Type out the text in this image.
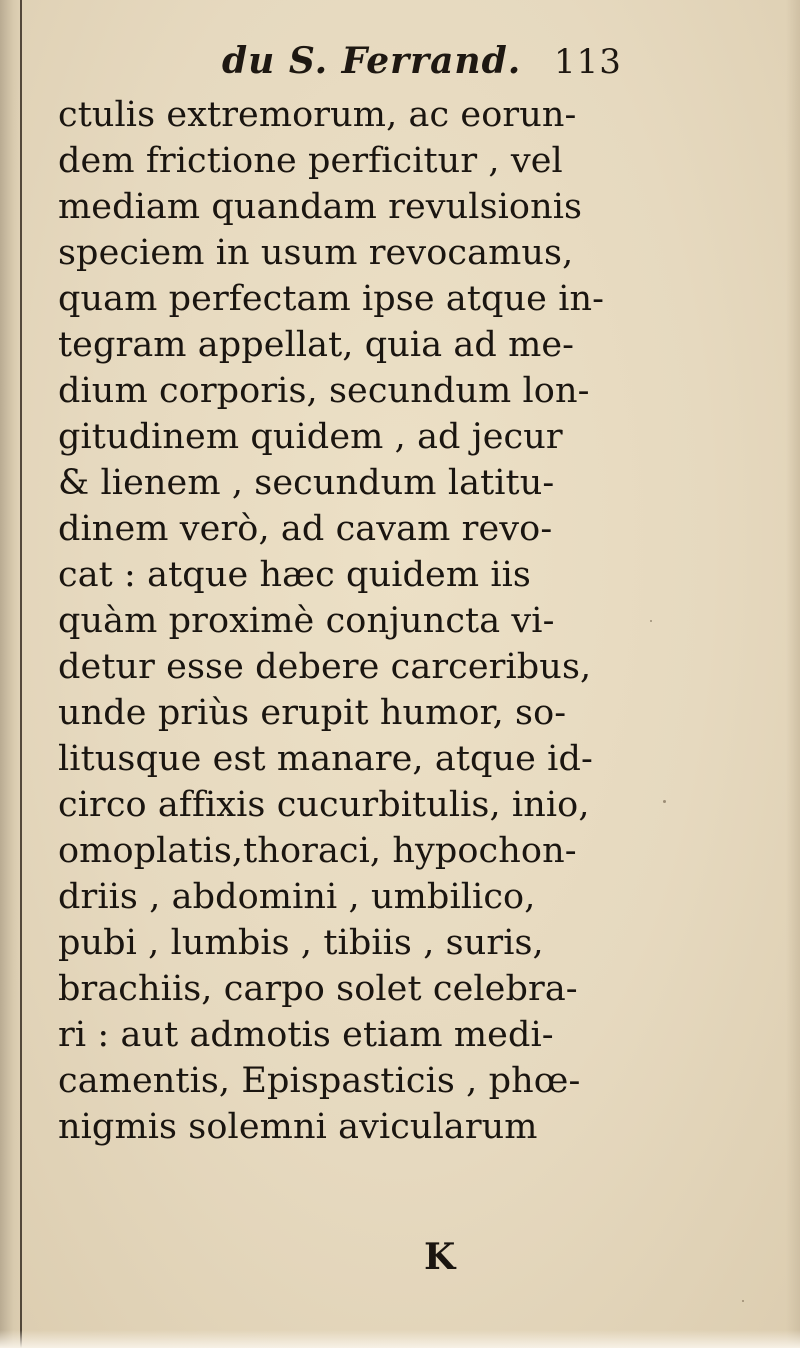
du S. Ferrand. 113
ctulis extremorum, ac eorun-
dem frictione perficitur , vel
mediam quandam revulsionis
speciem in usum revocamus,
quam perfectam ipse atque in-
tegram appellat, quia ad me-
dium corporis, secundum lon-
gitudinem quidem , ad jecur
& lienem , secundum latitu-
dinem verò, ad cavam revo-
cat : atque hæc quidem iis
quàm proximè conjuncta vi-
detur esse debere carceribus,
unde priùs erupit humor, so-
litusque est manare, atque id-
circo affixis cucurbitulis, inio,
omoplatis,thoraci, hypochon-
driis , abdomini , umbilico,
pubi , lumbis , tibiis , suris,
brachiis, carpo solet celebra-
ri : aut admotis etiam medi-
camentis, Epispasticis , phœ-
nigmis solemni avicularum
K
